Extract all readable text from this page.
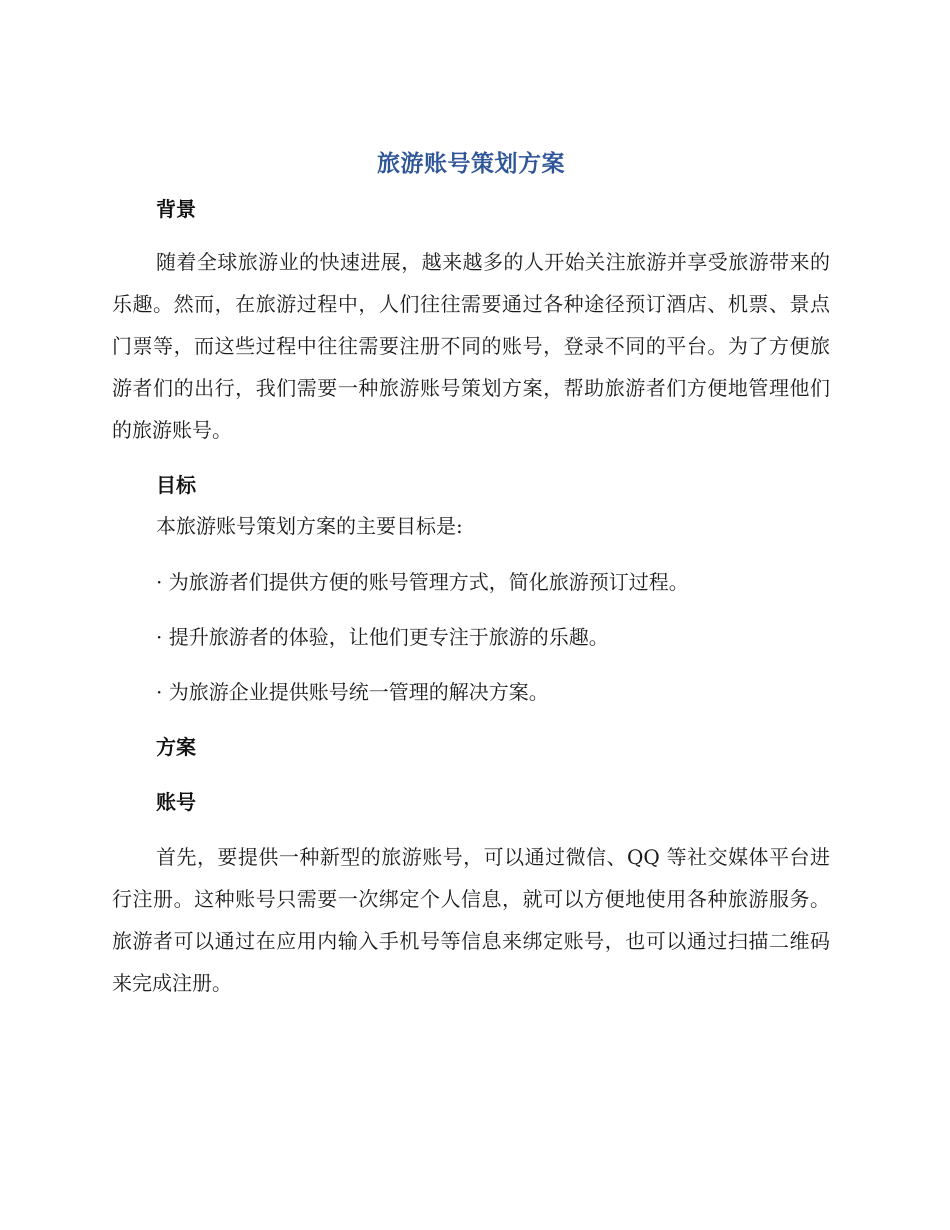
旅游账号策划方案
背景

随着全球旅游业的快速进展，越来越多的人开始关注旅游并享受旅游带来的乐趣。然而，在旅游过程中，人们往往需要通过各种途径预订酒店、机票、景点门票等，而这些过程中往往需要注册不同的账号，登录不同的平台。为了方便旅游者们的出行，我们需要一种旅游账号策划方案，帮助旅游者们方便地管理他们的旅游账号。

目标

本旅游账号策划方案的主要目标是:

· 为旅游者们提供方便的账号管理方式，简化旅游预订过程。

· 提升旅游者的体验，让他们更专注于旅游的乐趣。

· 为旅游企业提供账号统一管理的解决方案。

方案
账号

首先，要提供一种新型的旅游账号，可以通过微信、QQ 等社交媒体平台进行注册。这种账号只需要一次绑定个人信息，就可以方便地使用各种旅游服务。旅游者可以通过在应用内输入手机号等信息来绑定账号，也可以通过扫描二维码来完成注册。
